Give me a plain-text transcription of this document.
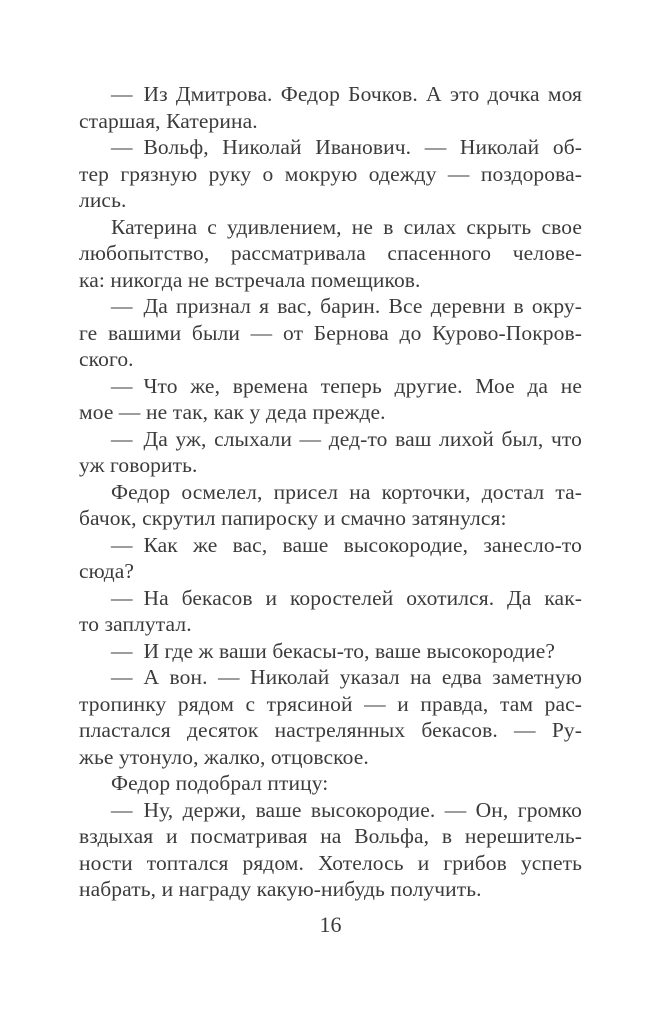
— Из Дмитрова. Федор Бочков. А это дочка моя
старшая, Катерина.
— Вольф, Николай Иванович. — Николай об-
тер грязную руку о мокрую одежду — поздорова-
лись.
Катерина с удивлением, не в силах скрыть свое
любопытство, рассматривала спасенного челове-
ка: никогда не встречала помещиков.
— Да признал я вас, барин. Все деревни в окру-
ге вашими были — от Бернова до Курово-Покров-
ского.
— Что же, времена теперь другие. Мое да не
мое — не так, как у деда прежде.
— Да уж, слыхали — дед-то ваш лихой был, что
уж говорить.
Федор осмелел, присел на корточки, достал та-
бачок, скрутил папироску и смачно затянулся:
— Как же вас, ваше высокородие, занесло-то
сюда?
— На бекасов и коростелей охотился. Да как-
то заплутал.
— И где ж ваши бекасы-то, ваше высокородие?
— А вон. — Николай указал на едва заметную
тропинку рядом с трясиной — и правда, там рас-
пластался десяток настрелянных бекасов. — Ру-
жье утонуло, жалко, отцовское.
Федор подобрал птицу:
— Ну, держи, ваше высокородие. — Он, громко
вздыхая и посматривая на Вольфа, в нерешитель-
ности топтался рядом. Хотелось и грибов успеть
набрать, и награду какую-нибудь получить.
16
